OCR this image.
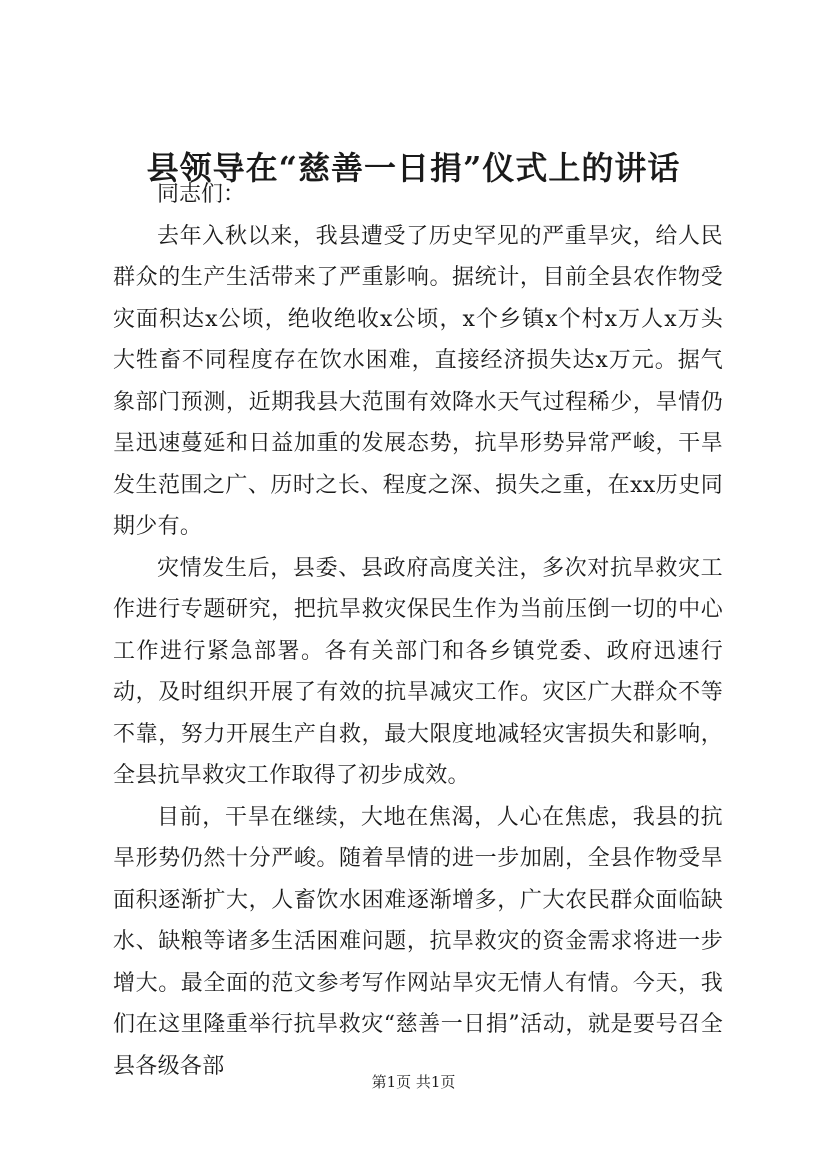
县领导在“慈善一日捐”仪式上的讲话

同志们：

去年入秋以来，我县遭受了历史罕见的严重旱灾，给人民群众的生产生活带来了严重影响。据统计，目前全县农作物受灾面积达x公顷，绝收绝收x公顷，x个乡镇x个村x万人x万头大牲畜不同程度存在饮水困难，直接经济损失达x万元。据气象部门预测，近期我县大范围有效降水天气过程稀少，旱情仍呈迅速蔓延和日益加重的发展态势，抗旱形势异常严峻，干旱发生范围之广、历时之长、程度之深、损失之重，在xx历史同期少有。

灾情发生后，县委、县政府高度关注，多次对抗旱救灾工作进行专题研究，把抗旱救灾保民生作为当前压倒一切的中心工作进行紧急部署。各有关部门和各乡镇党委、政府迅速行动，及时组织开展了有效的抗旱减灾工作。灾区广大群众不等不靠，努力开展生产自救，最大限度地减轻灾害损失和影响，全县抗旱救灾工作取得了初步成效。

目前，干旱在继续，大地在焦渴，人心在焦虑，我县的抗旱形势仍然十分严峻。随着旱情的进一步加剧，全县作物受旱面积逐渐扩大，人畜饮水困难逐渐增多，广大农民群众面临缺水、缺粮等诸多生活困难问题，抗旱救灾的资金需求将进一步增大。最全面的范文参考写作网站旱灾无情人有情。今天，我们在这里隆重举行抗旱救灾“慈善一日捐”活动，就是要号召全县各级各部

第1页 共1页
